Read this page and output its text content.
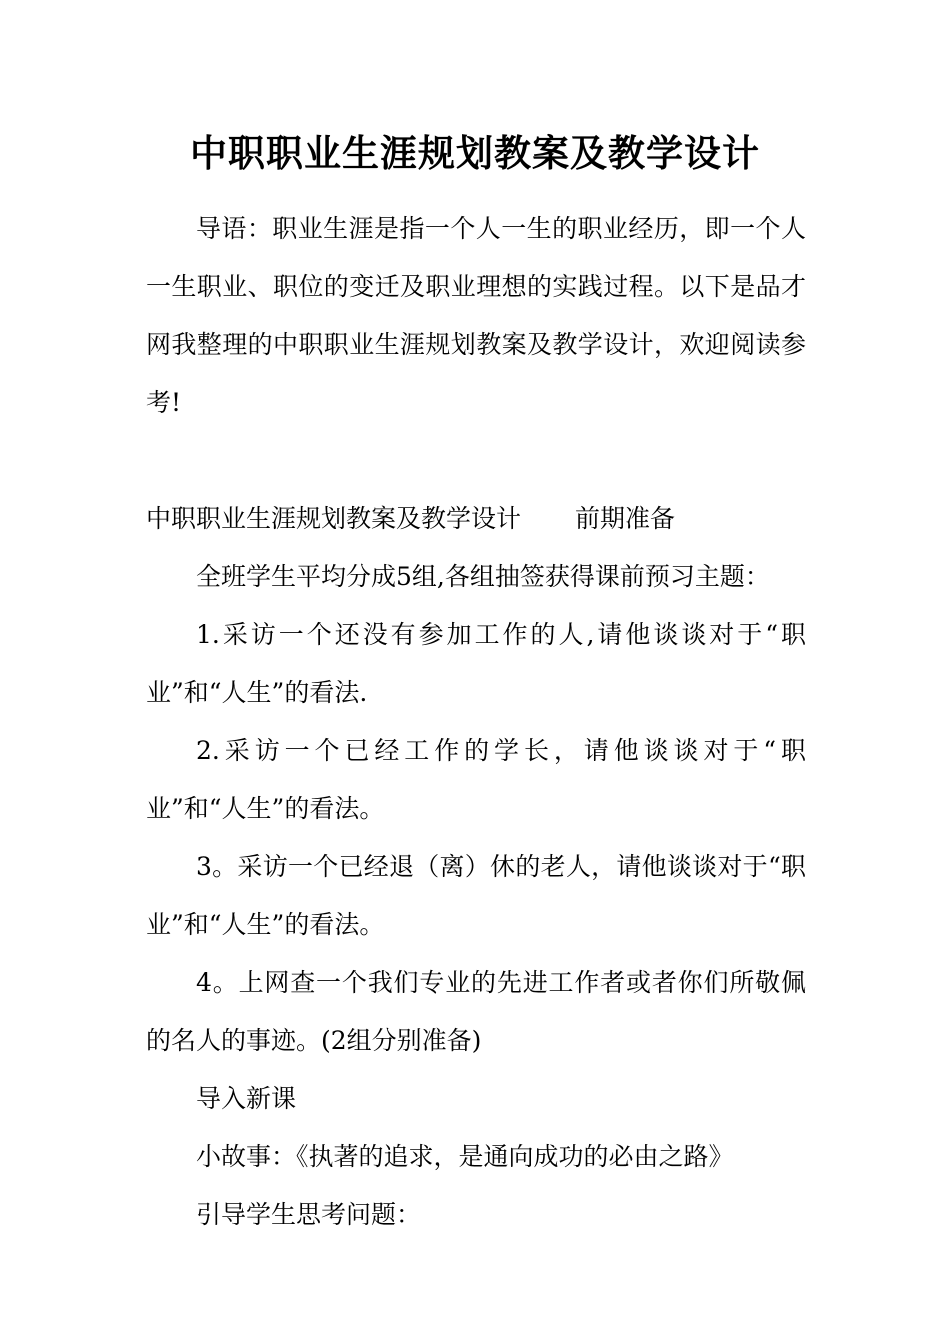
中职职业生涯规划教案及教学设计

导语：职业生涯是指一个人一生的职业经历，即一个人一生职业、职位的变迁及职业理想的实践过程。以下是品才网我整理的中职职业生涯规划教案及教学设计，欢迎阅读参考!

中职职业生涯规划教案及教学设计 前期准备

全班学生平均分成5组,各组抽签获得课前预习主题：

1.采访一个还没有参加工作的人,请他谈谈对于“职业”和“人生”的看法.

2.采访一个已经工作的学长，请他谈谈对于“职业”和“人生”的看法。

3。采访一个已经退（离）休的老人，请他谈谈对于“职业”和“人生”的看法。

4。上网查一个我们专业的先进工作者或者你们所敬佩的名人的事迹。(2组分别准备)

导入新课

小故事：《执著的追求，是通向成功的必由之路》

引导学生思考问题：
